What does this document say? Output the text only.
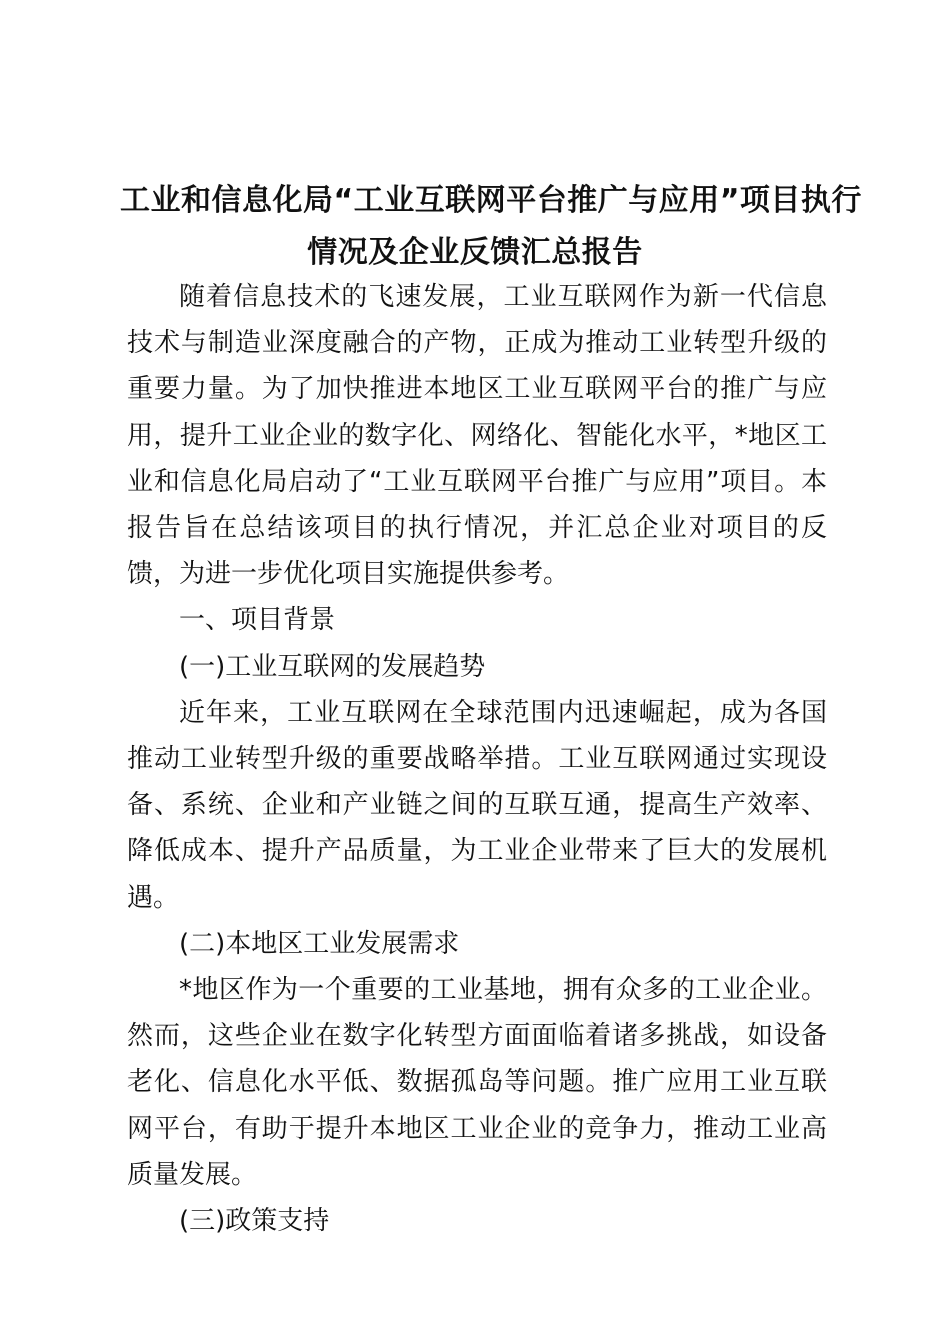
工业和信息化局“工业互联网平台推广与应用”项目执行
情况及企业反馈汇总报告

随着信息技术的飞速发展，工业互联网作为新一代信息技术与制造业深度融合的产物，正成为推动工业转型升级的重要力量。为了加快推进本地区工业互联网平台的推广与应用，提升工业企业的数字化、网络化、智能化水平，*地区工业和信息化局启动了“工业互联网平台推广与应用”项目。本报告旨在总结该项目的执行情况，并汇总企业对项目的反馈，为进一步优化项目实施提供参考。

一、项目背景

(一)工业互联网的发展趋势

近年来，工业互联网在全球范围内迅速崛起，成为各国推动工业转型升级的重要战略举措。工业互联网通过实现设备、系统、企业和产业链之间的互联互通，提高生产效率、降低成本、提升产品质量，为工业企业带来了巨大的发展机遇。

(二)本地区工业发展需求

*地区作为一个重要的工业基地，拥有众多的工业企业。然而，这些企业在数字化转型方面面临着诸多挑战，如设备老化、信息化水平低、数据孤岛等问题。推广应用工业互联网平台，有助于提升本地区工业企业的竞争力，推动工业高质量发展。

(三)政策支持
